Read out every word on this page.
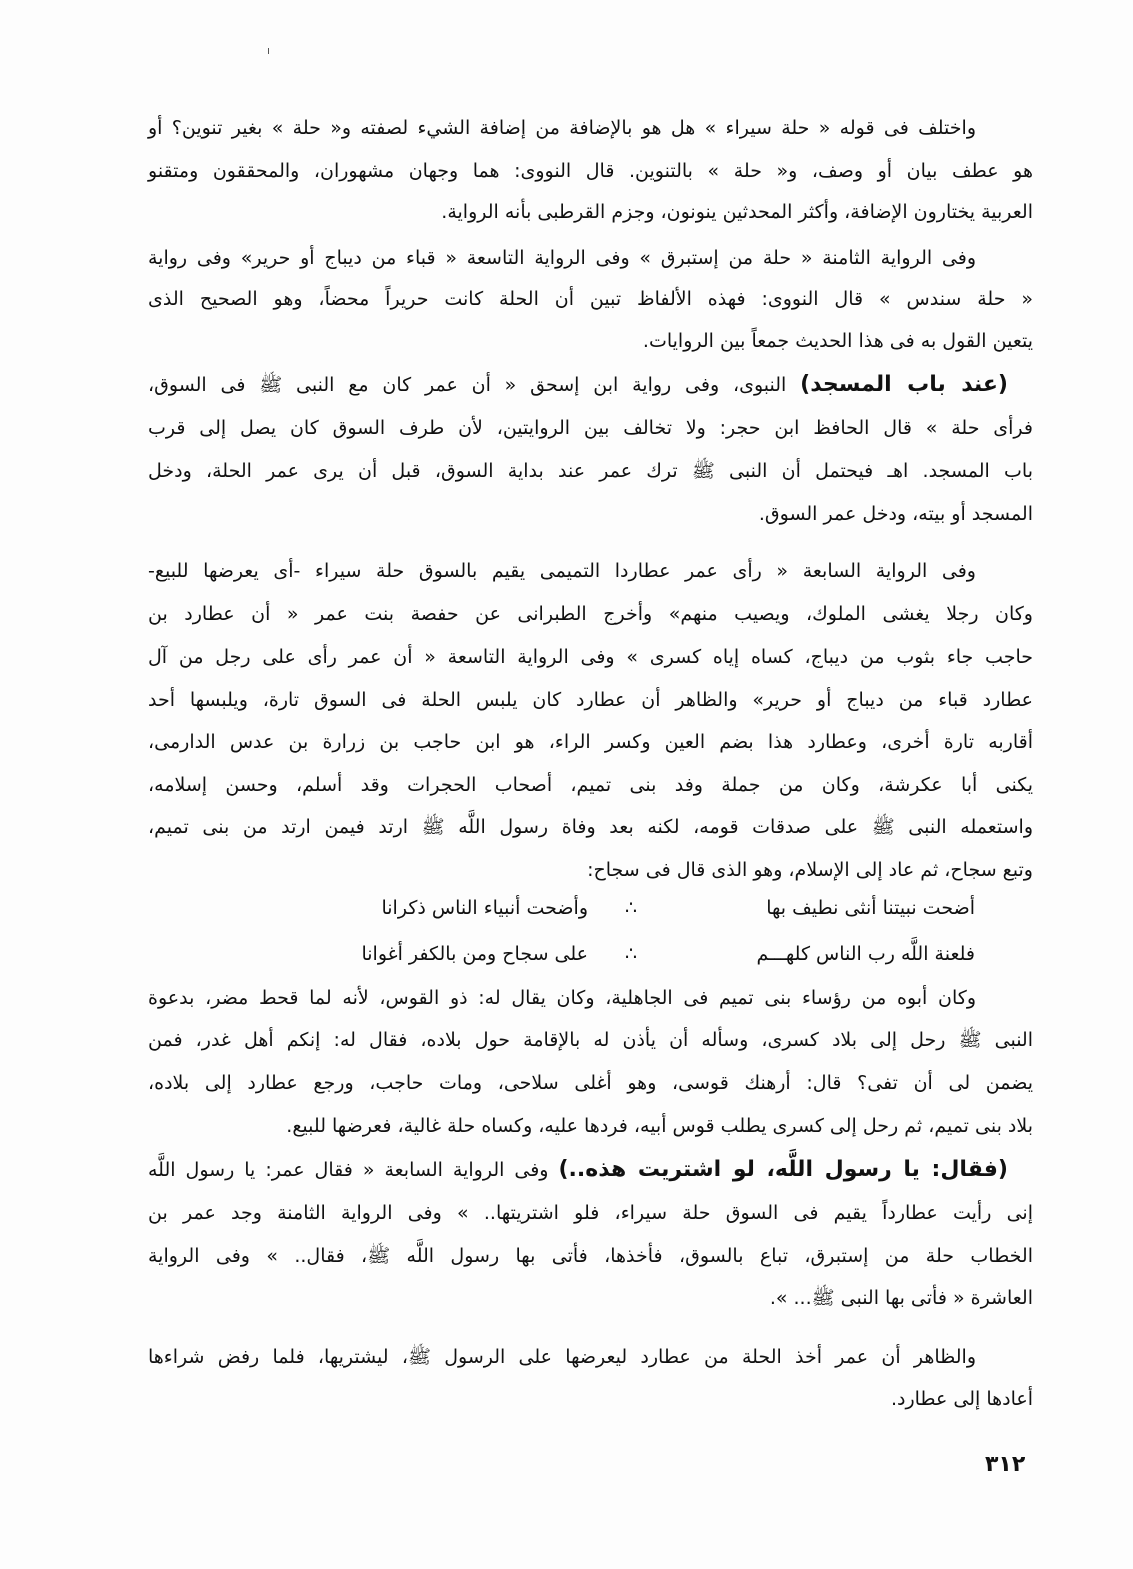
واختلف فى قوله « حلة سيراء » هل هو بالإضافة من إضافة الشيء لصفته و« حلة » بغير تنوين؟ أو
هو عطف بيان أو وصف، و« حلة » بالتنوين. قال النووى: هما وجهان مشهوران، والمحققون ومتقنو
العربية يختارون الإضافة، وأكثر المحدثين ينونون، وجزم القرطبى بأنه الرواية.
وفى الرواية الثامنة « حلة من إستبرق » وفى الرواية التاسعة « قباء من ديباج أو حرير» وفى رواية
« حلة سندس » قال النووى: فهذه الألفاظ تبين أن الحلة كانت حريراً محضاً، وهو الصحيح الذى
يتعين القول به فى هذا الحديث جمعاً بين الروايات.
(عند باب المسجد) النبوى، وفى رواية ابن إسحق « أن عمر كان مع النبى ﷺ فى السوق،
فرأى حلة » قال الحافظ ابن حجر: ولا تخالف بين الروايتين، لأن طرف السوق كان يصل إلى قرب
باب المسجد. اهـ فيحتمل أن النبى ﷺ ترك عمر عند بداية السوق، قبل أن يرى عمر الحلة، ودخل
المسجد أو بيته، ودخل عمر السوق.
وفى الرواية السابعة « رأى عمر عطاردا التميمى يقيم بالسوق حلة سيراء -أى يعرضها للبيع-
وكان رجلا يغشى الملوك، ويصيب منهم» وأخرج الطبرانى عن حفصة بنت عمر « أن عطارد بن
حاجب جاء بثوب من ديباج، كساه إياه كسرى » وفى الرواية التاسعة « أن عمر رأى على رجل من آل
عطارد قباء من ديباج أو حرير» والظاهر أن عطارد كان يلبس الحلة فى السوق تارة، ويلبسها أحد
أقاربه تارة أخرى، وعطارد هذا بضم العين وكسر الراء، هو ابن حاجب بن زرارة بن عدس الدارمى،
يكنى أبا عكرشة، وكان من جملة وفد بنى تميم، أصحاب الحجرات وقد أسلم، وحسن إسلامه،
واستعمله النبى ﷺ على صدقات قومه، لكنه بعد وفاة رسول اللَّه ﷺ ارتد فيمن ارتد من بنى تميم،
وتبع سجاح، ثم عاد إلى الإسلام، وهو الذى قال فى سجاح:
وكان أبوه من رؤساء بنى تميم فى الجاهلية، وكان يقال له: ذو القوس، لأنه لما قحط مضر، بدعوة
النبى ﷺ رحل إلى بلاد كسرى، وسأله أن يأذن له بالإقامة حول بلاده، فقال له: إنكم أهل غدر، فمن
يضمن لى أن تفى؟ قال: أرهنك قوسى، وهو أغلى سلاحى، ومات حاجب، ورجع عطارد إلى بلاده،
بلاد بنى تميم، ثم رحل إلى كسرى يطلب قوس أبيه، فردها عليه، وكساه حلة غالية، فعرضها للبيع.
(فقال: يا رسول اللَّه، لو اشتريت هذه..) وفى الرواية السابعة « فقال عمر: يا رسول اللَّه
إنى رأيت عطارداً يقيم فى السوق حلة سيراء، فلو اشتريتها.. » وفى الرواية الثامنة وجد عمر بن
الخطاب حلة من إستبرق، تباع بالسوق، فأخذها، فأتى بها رسول اللَّه ﷺ، فقال.. » وفى الرواية
العاشرة « فأتى بها النبى ﷺ... ».
والظاهر أن عمر أخذ الحلة من عطارد ليعرضها على الرسول ﷺ، ليشتريها، فلما رفض شراءها
أعادها إلى عطارد.
أضحت نبيتنا أنثى نطيف بها
∴
وأضحت أنبياء الناس ذكرانا
فلعنة اللَّه رب الناس كلهـــم
∴
على سجاح ومن بالكفر أغوانا
٣١٢
